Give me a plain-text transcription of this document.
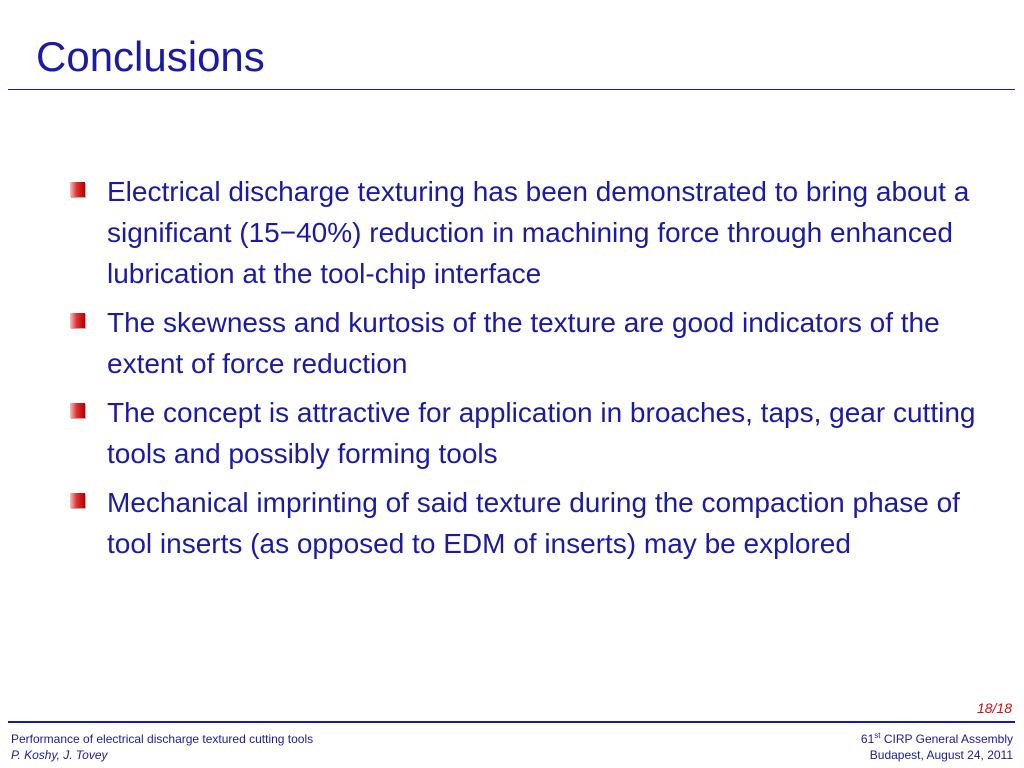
Conclusions
Electrical discharge texturing has been demonstrated to bring about a significant (15−40%) reduction in machining force through enhanced lubrication at the tool-chip interface
The skewness and kurtosis of the texture are good indicators of the extent of force reduction
The concept is attractive for application in broaches, taps, gear cutting tools and possibly forming tools
Mechanical imprinting of said texture during the compaction phase of tool inserts (as opposed to EDM of inserts) may be explored
18/18
Performance of electrical discharge textured cutting tools
P. Koshy, J. Tovey
61st CIRP General Assembly
Budapest, August 24, 2011
